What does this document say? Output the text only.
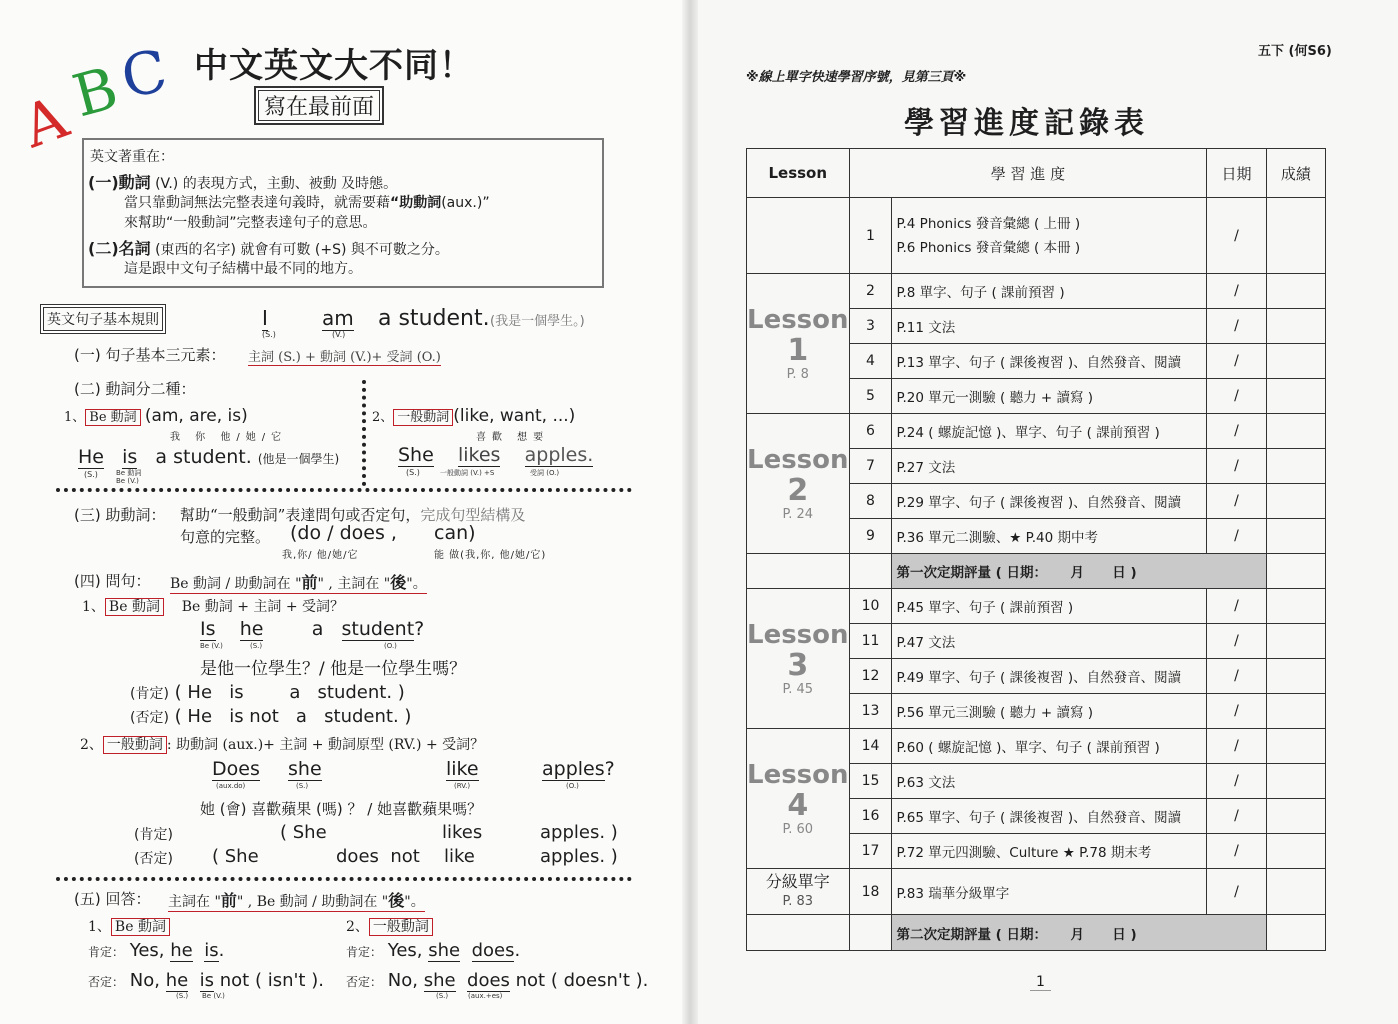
A
B
C 中文英文大不同！
寫在最前面
英文著重在：
(一)動詞 (V.) 的表現方式，主動、被動 及時態。
當只靠動詞無法完整表達句義時，就需要藉“助動詞(aux.)”
來幫助“一般動詞”完整表達句子的意思。
(二)名詞 (東西的名字) 就會有可數 (+S) 與不可數之分。
這是跟中文句子結構中最不同的地方。
英文句子基本規則	I
(S.)
am
(V.)
a student. (我是一個學生。)
(一) 句子基本三元素： 主詞 (S.) + 動詞 (V.)+ 受詞 (O.)
(二) 動詞分二種：
1、 Be 動詞 (am, are, is)
我 你 他/她/它
He is a student. (他是一個學生)
(S.)	Be 動詞
Be (V.)
2、 一般動詞 (like, want, ...)
喜歡 想要
She likes apples.
(S.)	一般動詞 (V.) +S	受詞 (O.)
(三) 助動詞： 幫助“一般動詞”表達問句或否定句，完成句型結構及
句意的完整。 (do / does , can)
我,你/ 他/她/它	能 做(我,你, 他/她/它)
(四) 問句： Be 動詞 / 助動詞在 "前" , 主詞在 "後"。
1、 Be 動詞 Be 動詞 + 主詞 + 受詞？
Is he	a student?
Be (V.)	(S.)	(O.)
是他一位學生？/ 他是一位學生嗎？
(肯定) ( He   is        a   student. )
(否定) ( He   is not   a   student. )
2、 一般動詞 : 助動詞 (aux.)+ 主詞 + 動詞原型 (RV.) + 受詞？
Does she	like	apples?
(aux.do)	(S.)	(RV.)	(O.)
她 (會) 喜歡蘋果 (嗎) ？ / 她喜歡蘋果嗎？
(肯定)	( She	likes	apples. )
(否定) ( She	does  not like	apples. )
(五) 回答： 主詞在 "前" , Be 動詞 / 助動詞在 "後"。
1、 Be 動詞
肯定： Yes, he is.
否定： No, he is not ( isn't ).
(S.) Be (V.)
2、 一般動詞
肯定： Yes, she does.
否定： No, she does not ( doesn't ).
(S.)	(aux.+es)
五下 (何S6)
※線上單字快速學習序號，見第三頁※
學習進度記錄表
Lesson	學 習 進 度		日期	成績
	1	P.4 Phonics 發音彙總 ( 上冊 )
P.6 Phonics 發音彙總 ( 本冊 )	/	

Lesson
1
P. 8	2	P.8 單字、句子 ( 課前預習 )	/	
	3	P.11 文法	/	
	4	P.13 單字、句子 ( 課後複習 )、自然發音、閱讀	/	
	5	P.20 單元一測驗 ( 聽力 + 讀寫 )	/	

Lesson
2
P. 24	6	P.24 ( 螺旋記憶 )、單字、句子 ( 課前預習 )	/	
	7	P.27 文法	/	
	8	P.29 單字、句子 ( 課後複習 )、自然發音、閱讀	/	
	9	P.36 單元二測驗、★ P.40 期中考	/	
		第一次定期評量 ( 日期：     月      日 )		

Lesson
3
P. 45	10	P.45 單字、句子 ( 課前預習 )	/	
	11	P.47 文法	/	
	12	P.49 單字、句子 ( 課後複習 )、自然發音、閱讀	/	
	13	P.56 單元三測驗 ( 聽力 + 讀寫 )	/	

Lesson
4
P. 60	14	P.60 ( 螺旋記憶 )、單字、句子 ( 課前預習 )	/	
	15	P.63 文法	/	
	16	P.65 單字、句子 ( 課後複習 )、自然發音、閱讀	/	
	17	P.72 單元四測驗、Culture ★ P.78 期末考	/	

分級單字
P. 83	18	P.83 瑞華分級單字	/	
		第二次定期評量 ( 日期：     月      日 )		
1
